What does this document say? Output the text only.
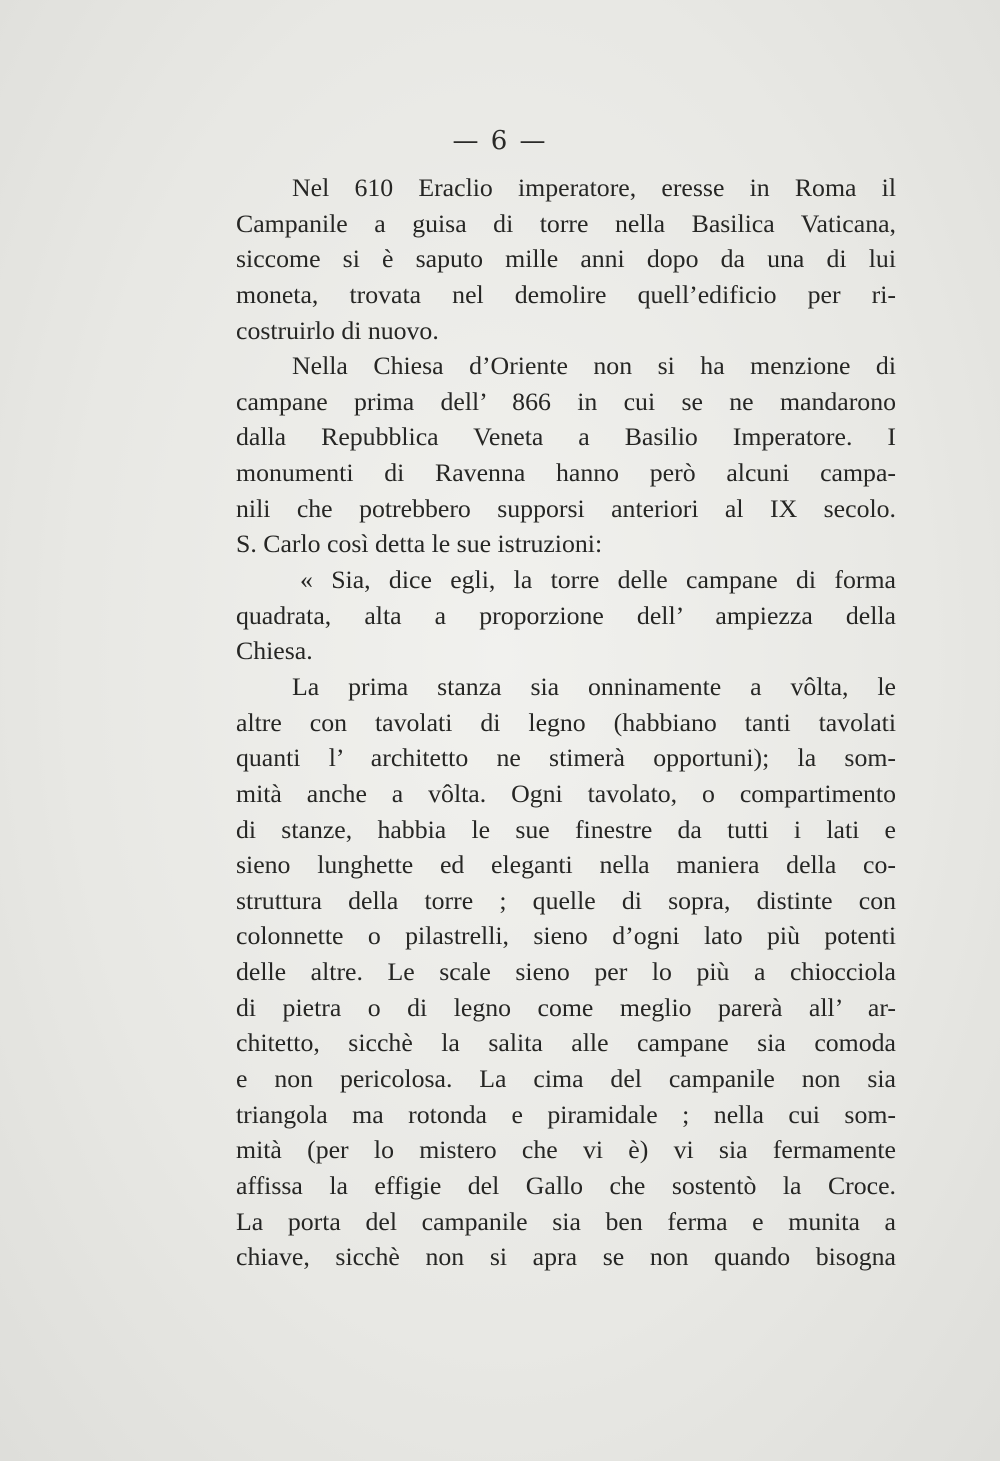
— 6 —
Nel 610 Eraclio imperatore, eresse in Roma il
Campanile a guisa di torre nella Basilica Vaticana,
siccome si è saputo mille anni dopo da una di lui
moneta, trovata nel demolire quell’edificio per ri-
costruirlo di nuovo.
Nella Chiesa d’Oriente non si ha menzione di
campane prima dell’ 866 in cui se ne mandarono
dalla Repubblica Veneta a Basilio Imperatore. I
monumenti di Ravenna hanno però alcuni campa-
nili che potrebbero supporsi anteriori al IX secolo.
S. Carlo così detta le sue istruzioni:
« Sia, dice egli, la torre delle campane di forma
quadrata, alta a proporzione dell’ ampiezza della
Chiesa.
La prima stanza sia onninamente a vôlta, le
altre con tavolati di legno (habbiano tanti tavolati
quanti l’ architetto ne stimerà opportuni); la som-
mità anche a vôlta. Ogni tavolato, o compartimento
di stanze, habbia le sue finestre da tutti i lati e
sieno lunghette ed eleganti nella maniera della co-
struttura della torre ; quelle di sopra, distinte con
colonnette o pilastrelli, sieno d’ogni lato più potenti
delle altre. Le scale sieno per lo più a chiocciola
di pietra o di legno come meglio parerà all’ ar-
chitetto, sicchè la salita alle campane sia comoda
e non pericolosa. La cima del campanile non sia
triangola ma rotonda e piramidale ; nella cui som-
mità (per lo mistero che vi è) vi sia fermamente
affissa la effigie del Gallo che sostentò la Croce.
La porta del campanile sia ben ferma e munita a
chiave, sicchè non si apra se non quando bisogna
